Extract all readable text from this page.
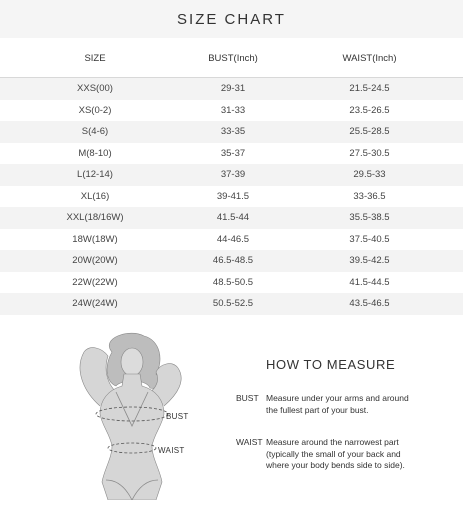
SIZE CHART
SIZE	BUST(Inch)	WAIST(Inch)
XXS(00)	29-31	21.5-24.5
XS(0-2)	31-33	23.5-26.5
S(4-6)	33-35	25.5-28.5
M(8-10)	35-37	27.5-30.5
L(12-14)	37-39	29.5-33
XL(16)	39-41.5	33-36.5
XXL(18/16W)	41.5-44	35.5-38.5
18W(18W)	44-46.5	37.5-40.5
20W(20W)	46.5-48.5	39.5-42.5
22W(22W)	48.5-50.5	41.5-44.5
24W(24W)	50.5-52.5	43.5-46.5
BUST
WAIST
HOW TO MEASURE
BUST Measure under your arms and around
the fullest part of your bust.
WAIST Measure around the narrowest part
(typically the small of your back and
where your body bends side to side).
